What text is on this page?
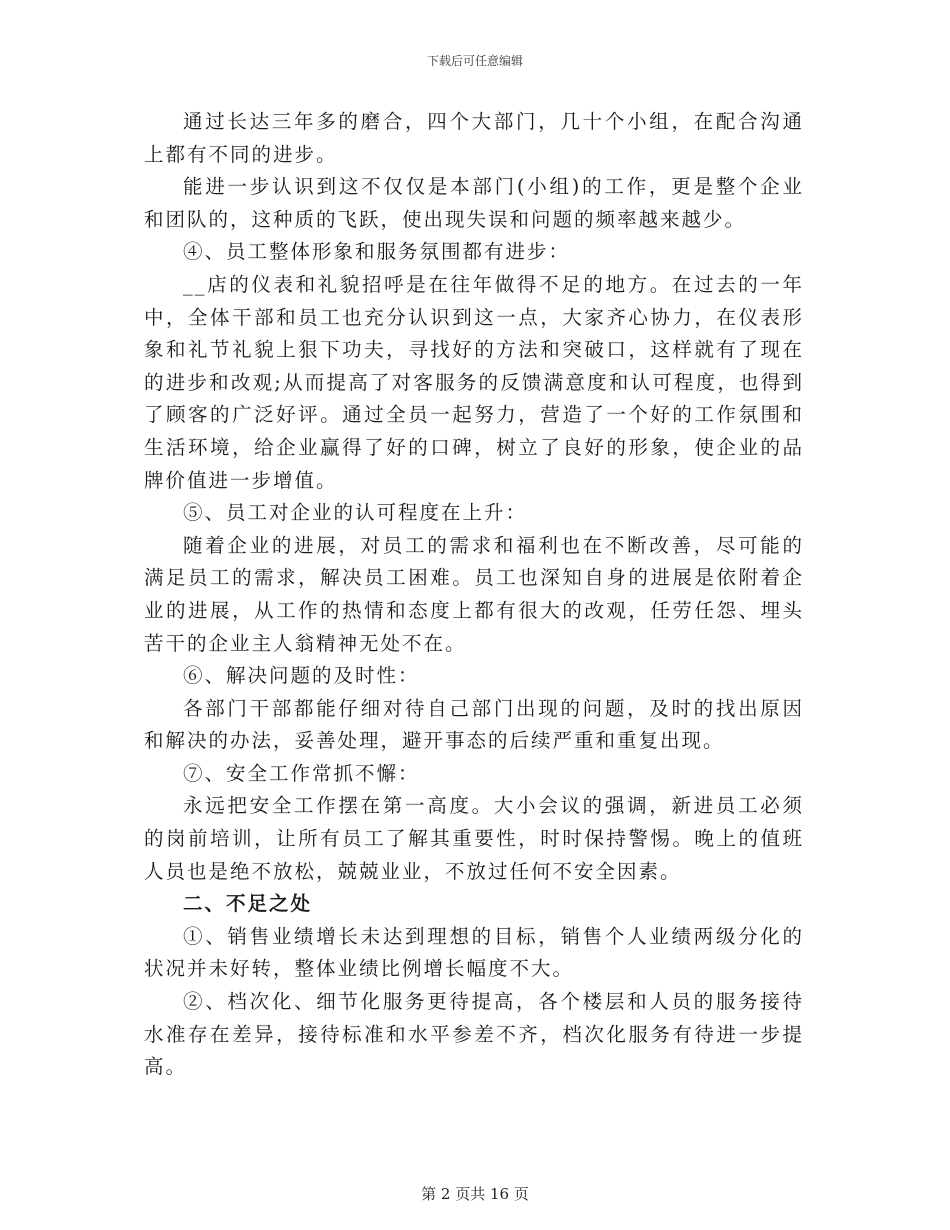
下载后可任意编辑

通过长达三年多的磨合，四个大部门，几十个小组，在配合沟通上都有不同的进步。

能进一步认识到这不仅仅是本部门(小组)的工作，更是整个企业和团队的，这种质的飞跃，使出现失误和问题的频率越来越少。

④、员工整体形象和服务氛围都有进步：

__店的仪表和礼貌招呼是在往年做得不足的地方。在过去的一年中，全体干部和员工也充分认识到这一点，大家齐心协力，在仪表形象和礼节礼貌上狠下功夫，寻找好的方法和突破口，这样就有了现在的进步和改观;从而提高了对客服务的反馈满意度和认可程度，也得到了顾客的广泛好评。通过全员一起努力，营造了一个好的工作氛围和生活环境，给企业赢得了好的口碑，树立了良好的形象，使企业的品牌价值进一步增值。

⑤、员工对企业的认可程度在上升：

随着企业的进展，对员工的需求和福利也在不断改善，尽可能的满足员工的需求，解决员工困难。员工也深知自身的进展是依附着企业的进展，从工作的热情和态度上都有很大的改观，任劳任怨、埋头苦干的企业主人翁精神无处不在。

⑥、解决问题的及时性：

各部门干部都能仔细对待自己部门出现的问题，及时的找出原因和解决的办法，妥善处理，避开事态的后续严重和重复出现。

⑦、安全工作常抓不懈：

永远把安全工作摆在第一高度。大小会议的强调，新进员工必须的岗前培训，让所有员工了解其重要性，时时保持警惕。晚上的值班人员也是绝不放松，兢兢业业，不放过任何不安全因素。

二、不足之处

①、销售业绩增长未达到理想的目标，销售个人业绩两级分化的状况并未好转，整体业绩比例增长幅度不大。

②、档次化、细节化服务更待提高，各个楼层和人员的服务接待水准存在差异，接待标准和水平参差不齐，档次化服务有待进一步提高。

第 2 页共 16 页
